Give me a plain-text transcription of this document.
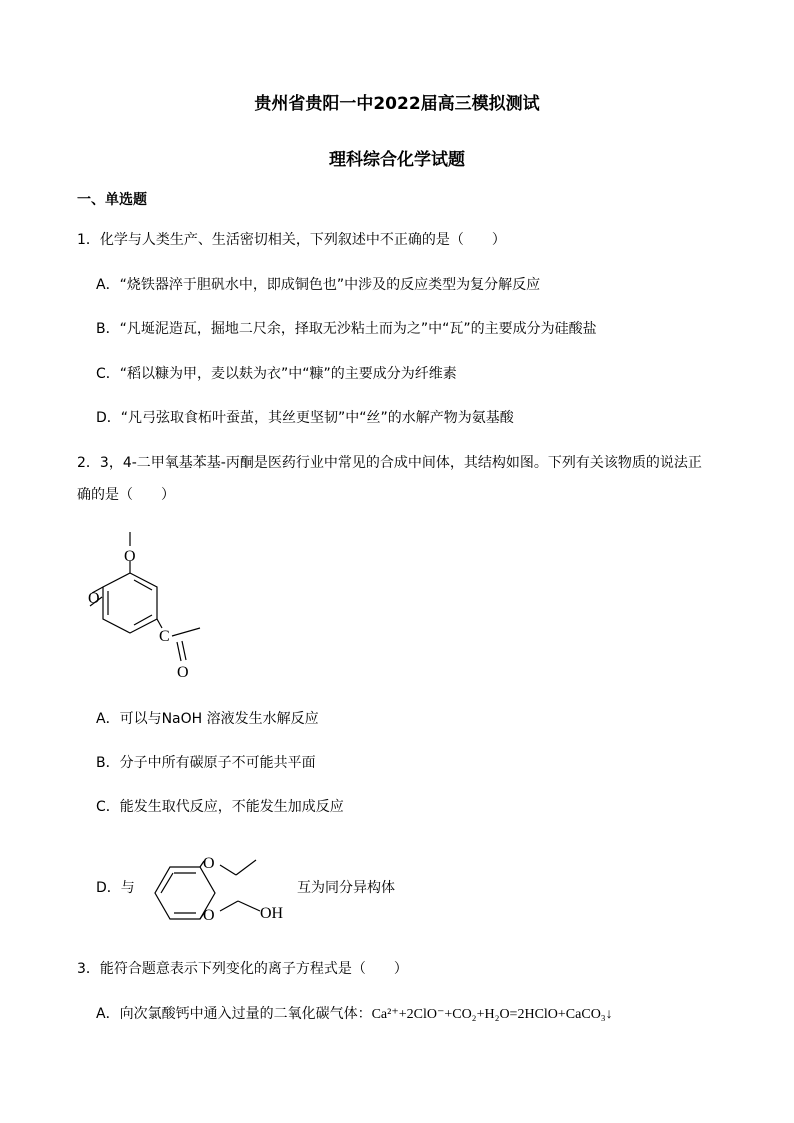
贵州省贵阳一中2022届高三模拟测试
理科综合化学试题
一、单选题
1．化学与人类生产、生活密切相关，下列叙述中不正确的是（　　）
A．“烧铁器淬于胆矾水中，即成铜色也”中涉及的反应类型为复分解反应
B．“凡埏泥造瓦，掘地二尺余，择取无沙粘土而为之”中“瓦”的主要成分为硅酸盐
C．“稻以糠为甲，麦以麸为衣”中“糠”的主要成分为纤维素
D．“凡弓弦取食柘叶蚕茧，其丝更坚韧”中“丝”的水解产物为氨基酸
2．3，4-二甲氧基苯基-丙酮是医药行业中常见的合成中间体，其结构如图。下列有关该物质的说法正
确的是（　　）
O
O
C
O
A．可以与NaOH 溶液发生水解反应
B．分子中所有碳原子不可能共平面
C．能发生取代反应，不能发生加成反应
D．与
O
O	OH
互为同分异构体
3．能符合题意表示下列变化的离子方程式是（　　）
A．向次氯酸钙中通入过量的二氧化碳气体：Ca²⁺+2ClO⁻+CO₂+H₂O=2HClO+CaCO₃↓
